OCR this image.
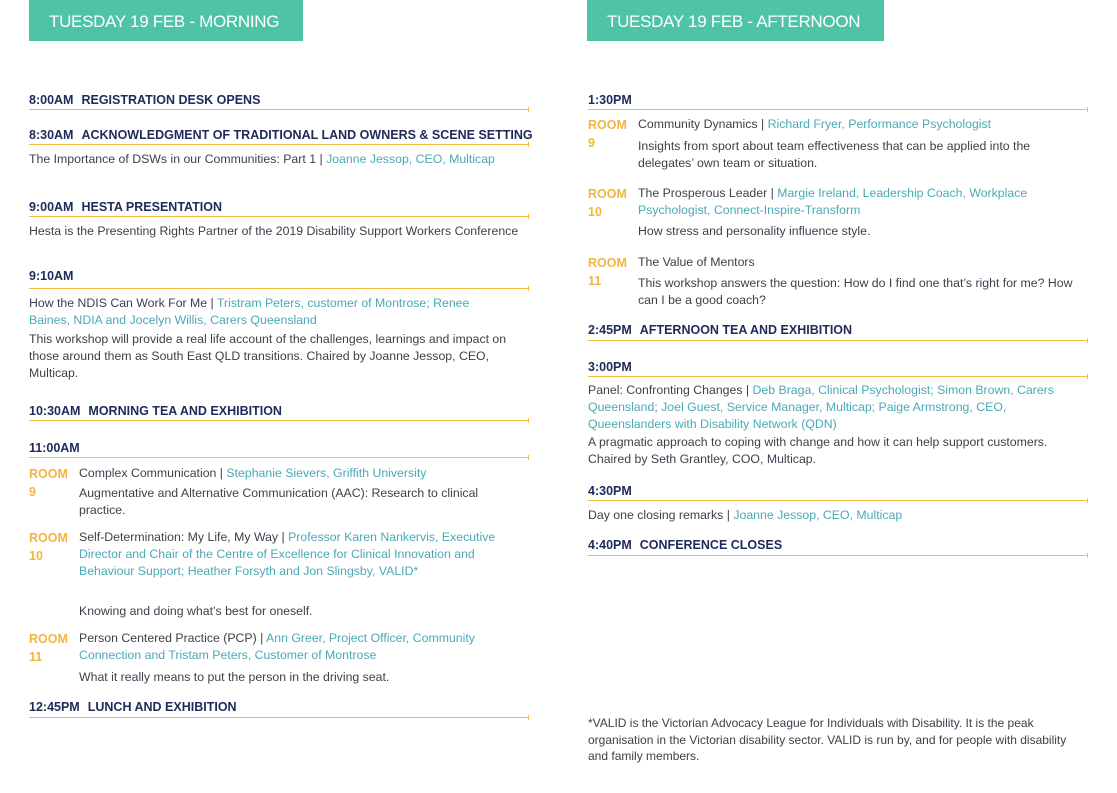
TUESDAY 19 FEB - MORNING
8:00AM REGISTRATION DESK OPENS
8:30AM ACKNOWLEDGMENT OF TRADITIONAL LAND OWNERS & SCENE SETTING
The Importance of DSWs in our Communities: Part 1 | Joanne Jessop, CEO, Multicap
9:00AM HESTA PRESENTATION
Hesta is the Presenting Rights Partner of the 2019 Disability Support Workers Conference
9:10AM
How the NDIS Can Work For Me | Tristram Peters, customer of Montrose; Renee Baines, NDIA and Jocelyn Willis, Carers Queensland
This workshop will provide a real life account of the challenges, learnings and impact on those around them as South East QLD transitions. Chaired by Joanne Jessop, CEO, Multicap.
10:30AM MORNING TEA AND EXHIBITION
11:00AM
ROOM
9
Complex Communication | Stephanie Sievers, Griffith University
Augmentative and Alternative Communication (AAC): Research to clinical practice.
ROOM
10
Self-Determination: My Life, My Way | Professor Karen Nankervis, Executive Director and Chair of the Centre of Excellence for Clinical Innovation and Behaviour Support; Heather Forsyth and Jon Slingsby, VALID*
Knowing and doing what’s best for oneself.
ROOM
11
Person Centered Practice (PCP) | Ann Greer, Project Officer, Community Connection and Tristam Peters, Customer of Montrose
What it really means to put the person in the driving seat.
12:45PM LUNCH AND EXHIBITION
TUESDAY 19 FEB - AFTERNOON
1:30PM
ROOM
9
Community Dynamics | Richard Fryer, Performance Psychologist
Insights from sport about team effectiveness that can be applied into the delegates’ own team or situation.
ROOM
10
The Prosperous Leader | Margie Ireland, Leadership Coach, Workplace Psychologist, Connect-Inspire-Transform
How stress and personality influence style.
ROOM
11
The Value of Mentors
This workshop answers the question: How do I find one that’s right for me? How can I be a good coach?
2:45PM AFTERNOON TEA AND EXHIBITION
3:00PM
Panel: Confronting Changes | Deb Braga, Clinical Psychologist; Simon Brown, Carers Queensland; Joel Guest, Service Manager, Multicap; Paige Armstrong, CEO, Queenslanders with Disability Network (QDN)
A pragmatic approach to coping with change and how it can help support customers. Chaired by Seth Grantley, COO, Multicap.
4:30PM
Day one closing remarks | Joanne Jessop, CEO, Multicap
4:40PM CONFERENCE CLOSES
*VALID is the Victorian Advocacy League for Individuals with Disability. It is the peak organisation in the Victorian disability sector. VALID is run by, and for people with disability and family members.
